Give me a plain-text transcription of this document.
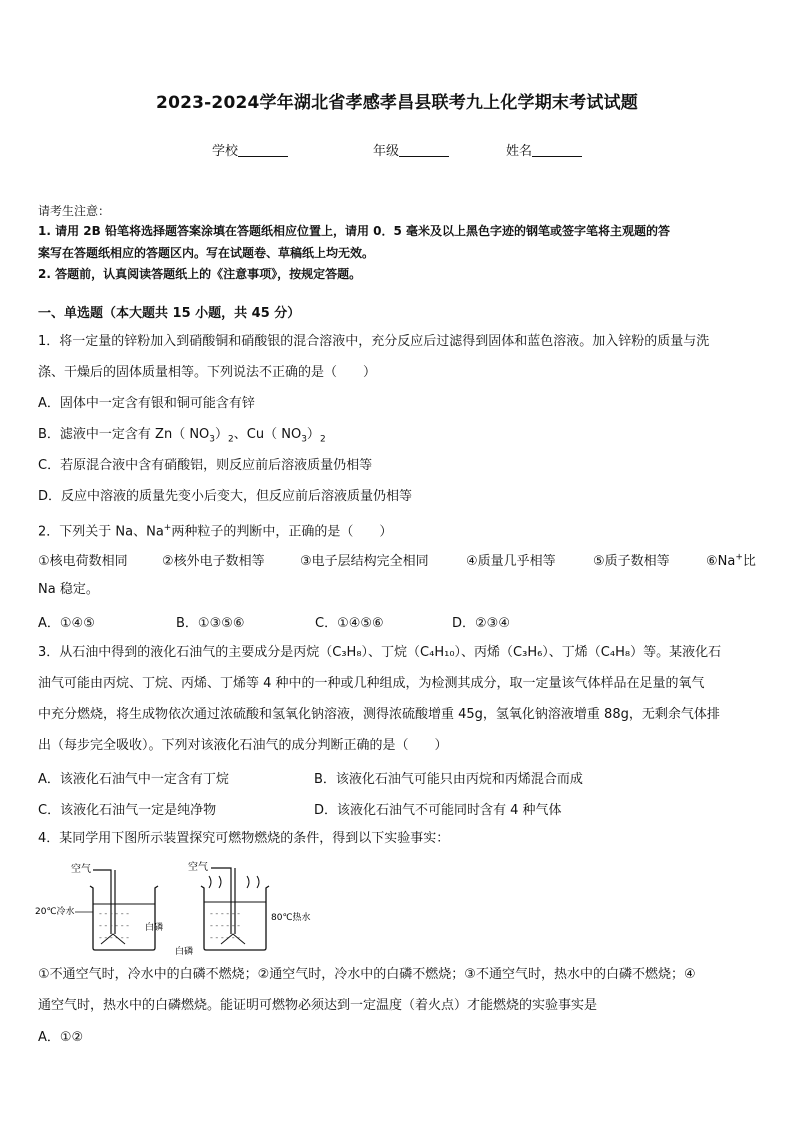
2023-2024学年湖北省孝感孝昌县联考九上化学期末考试试题
学校	年级	姓名
请考生注意：
1. 请用 2B 铅笔将选择题答案涂填在答题纸相应位置上，请用 0．5 毫米及以上黑色字迹的钢笔或签字笔将主观题的答
案写在答题纸相应的答题区内。写在试题卷、草稿纸上均无效。
2. 答题前，认真阅读答题纸上的《注意事项》，按规定答题。
一、单选题（本大题共 15 小题，共 45 分）
1．将一定量的锌粉加入到硝酸铜和硝酸银的混合溶液中，充分反应后过滤得到固体和蓝色溶液。加入锌粉的质量与洗
涤、干燥后的固体质量相等。下列说法不正确的是（　　）
A．固体中一定含有银和铜可能含有锌
B．滤液中一定含有 Zn（ $NO_3)_2$、Cu（ $NO_3)_2$
C．若原混合液中含有硝酸铝，则反应前后溶液质量仍相等
D．反应中溶液的质量先变小后变大，但反应前后溶液质量仍相等
2．下列关于 Na、Na+两种粒子的判断中，正确的是（　　）
①核电荷数相同	②核外电子数相等	③电子层结构完全相同	④质量几乎相等	⑤质子数相等	⑥Na+比
Na 稳定。
A．①④⑤	B．①③⑤⑥	C．①④⑤⑥	D．②③④
3．从石油中得到的液化石油气的主要成分是丙烷（C₃H₈）、丁烷（C₄H₁₀）、丙烯（C₃H₆）、丁烯（C₄H₈）等。某液化石
油气可能由丙烷、丁烷、丙烯、丁烯等 4 种中的一种或几种组成，为检测其成分，取一定量该气体样品在足量的氧气
中充分燃烧，将生成物依次通过浓硫酸和氢氧化钠溶液，测得浓硫酸增重 45g，氢氧化钠溶液增重 88g，无剩余气体排
出（每步完全吸收）。下列对该液化石油气的成分判断正确的是（　　）
A．该液化石油气中一定含有丁烷	B．该液化石油气可能只由丙烷和丙烯混合而成
C．该液化石油气一定是纯净物	D．该液化石油气不可能同时含有 4 种气体
4．某同学用下图所示装置探究可燃物燃烧的条件，得到以下实验事实：
空气
- - - - - -
- - - - - -
- - - - - -
20℃冷水
白磷
空气
- - - - - -
- - - - - -
- - - - - -
80℃热水
白磷
①不通空气时，冷水中的白磷不燃烧；②通空气时，冷水中的白磷不燃烧；③不通空气时，热水中的白磷不燃烧；④
通空气时，热水中的白磷燃烧。能证明可燃物必须达到一定温度（着火点）才能燃烧的实验事实是
A．①②
